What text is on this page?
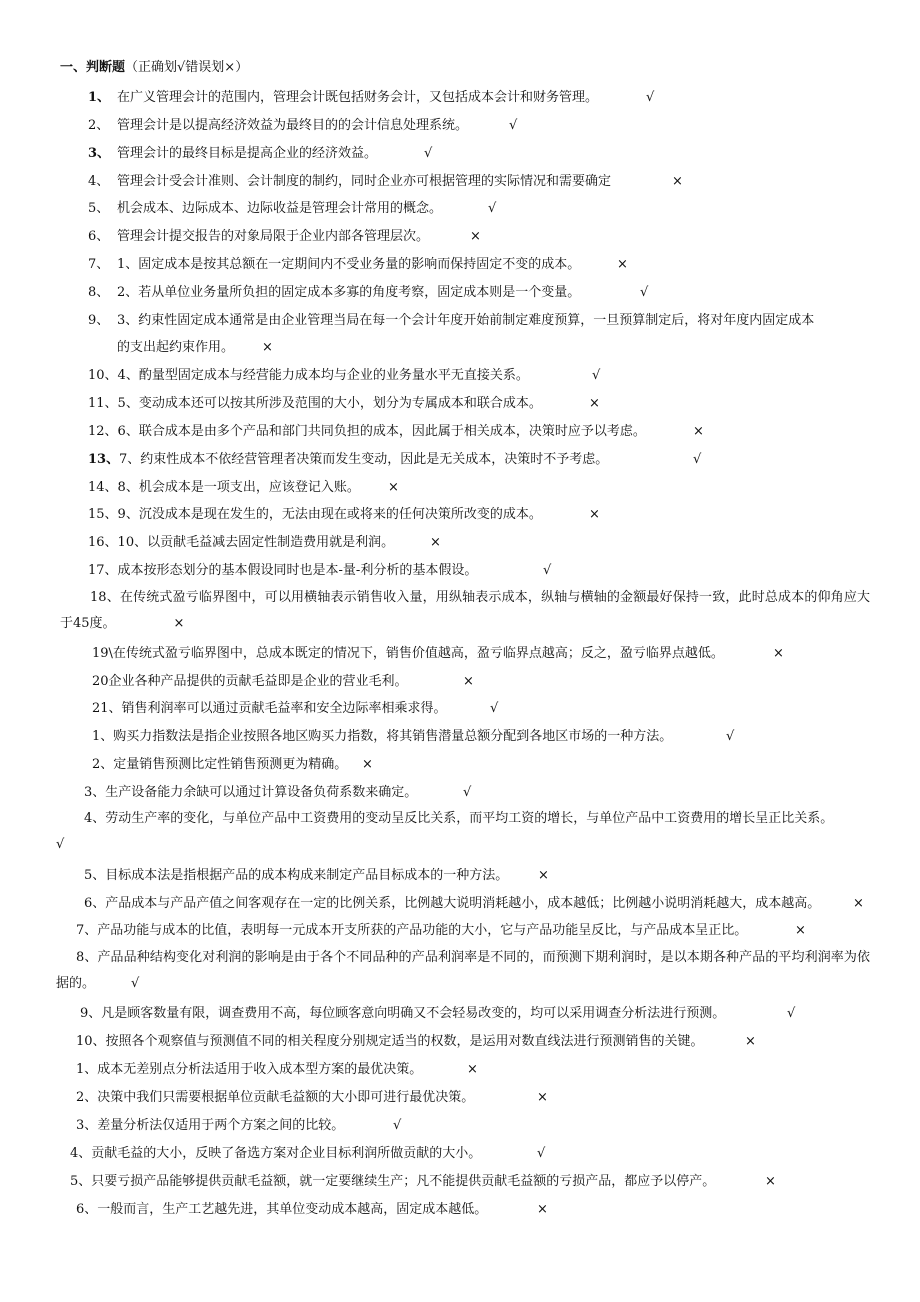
一、判断题（正确划√错误划×）
1、 在广义管理会计的范围内，管理会计既包括财务会计，又包括成本会计和财务管理。	√
2、 管理会计是以提高经济效益为最终目的的会计信息处理系统。	√
3、 管理会计的最终目标是提高企业的经济效益。	√
4、 管理会计受会计准则、会计制度的制约，同时企业亦可根据管理的实际情况和需要确定	×
5、 机会成本、边际成本、边际收益是管理会计常用的概念。	√
6、 管理会计提交报告的对象局限于企业内部各管理层次。	×
7、 1、固定成本是按其总额在一定期间内不受业务量的影响而保持固定不变的成本。	×
8、 2、若从单位业务量所负担的固定成本多寡的角度考察，固定成本则是一个变量。	√
9、 3、约束性固定成本通常是由企业管理当局在每一个会计年度开始前制定难度预算，一旦预算制定后，将对年度内固定成本
的支出起约束作用。 ×
10、4、酌量型固定成本与经营能力成本均与企业的业务量水平无直接关系。	√
11、5、变动成本还可以按其所涉及范围的大小，划分为专属成本和联合成本。	×
12、6、联合成本是由多个产品和部门共同负担的成本，因此属于相关成本，决策时应予以考虑。	×
13、 7、约束性成本不依经营管理者决策而发生变动，因此是无关成本，决策时不予考虑。	√
14、8、机会成本是一项支出，应该登记入账。 ×
15、9、沉没成本是现在发生的，无法由现在或将来的任何决策所改变的成本。	×
16、10、以贡献毛益减去固定性制造费用就是利润。	×
17、成本按形态划分的基本假设同时也是本-量-利分析的基本假设。	√
18、在传统式盈亏临界图中，可以用横轴表示销售收入量，用纵轴表示成本，纵轴与横轴的金额最好保持一致，此时总成本的仰角应大于45度。	×
19\在传统式盈亏临界图中，总成本既定的情况下，销售价值越高，盈亏临界点越高；反之，盈亏临界点越低。	×
20企业各种产品提供的贡献毛益即是企业的营业毛利。	×
21、销售利润率可以通过贡献毛益率和安全边际率相乘求得。	√
1、购买力指数法是指企业按照各地区购买力指数，将其销售潜量总额分配到各地区市场的一种方法。	√
2、定量销售预测比定性销售预测更为精确。 ×
3、生产设备能力余缺可以通过计算设备负荷系数来确定。	√
4、劳动生产率的变化，与单位产品中工资费用的变动呈反比关系，而平均工资的增长，与单位产品中工资费用的增长呈正比关系。
√
5、目标成本法是指根据产品的成本构成来制定产品目标成本的一种方法。 ×
6、产品成本与产品产值之间客观存在一定的比例关系，比例越大说明消耗越小，成本越低；比例越小说明消耗越大，成本越高。	×
7、产品功能与成本的比值，表明每一元成本开支所获的产品功能的大小，它与产品功能呈反比，与产品成本呈正比。	×
8、产品品种结构变化对利润的影响是由于各个不同品种的产品利润率是不同的，而预测下期利润时，是以本期各种产品的平均利润率为依据的。	√
9、凡是顾客数量有限，调查费用不高，每位顾客意向明确又不会轻易改变的，均可以采用调查分析法进行预测。	√
10、按照各个观察值与预测值不同的相关程度分别规定适当的权数，是运用对数直线法进行预测销售的关键。	×
1、成本无差别点分析法适用于收入成本型方案的最优决策。	×
2、决策中我们只需要根据单位贡献毛益额的大小即可进行最优决策。	×
3、差量分析法仅适用于两个方案之间的比较。	√
4、贡献毛益的大小，反映了备选方案对企业目标利润所做贡献的大小。	√
5、只要亏损产品能够提供贡献毛益额，就一定要继续生产；凡不能提供贡献毛益额的亏损产品，都应予以停产。	×
6、一般而言，生产工艺越先进，其单位变动成本越高，固定成本越低。	×
